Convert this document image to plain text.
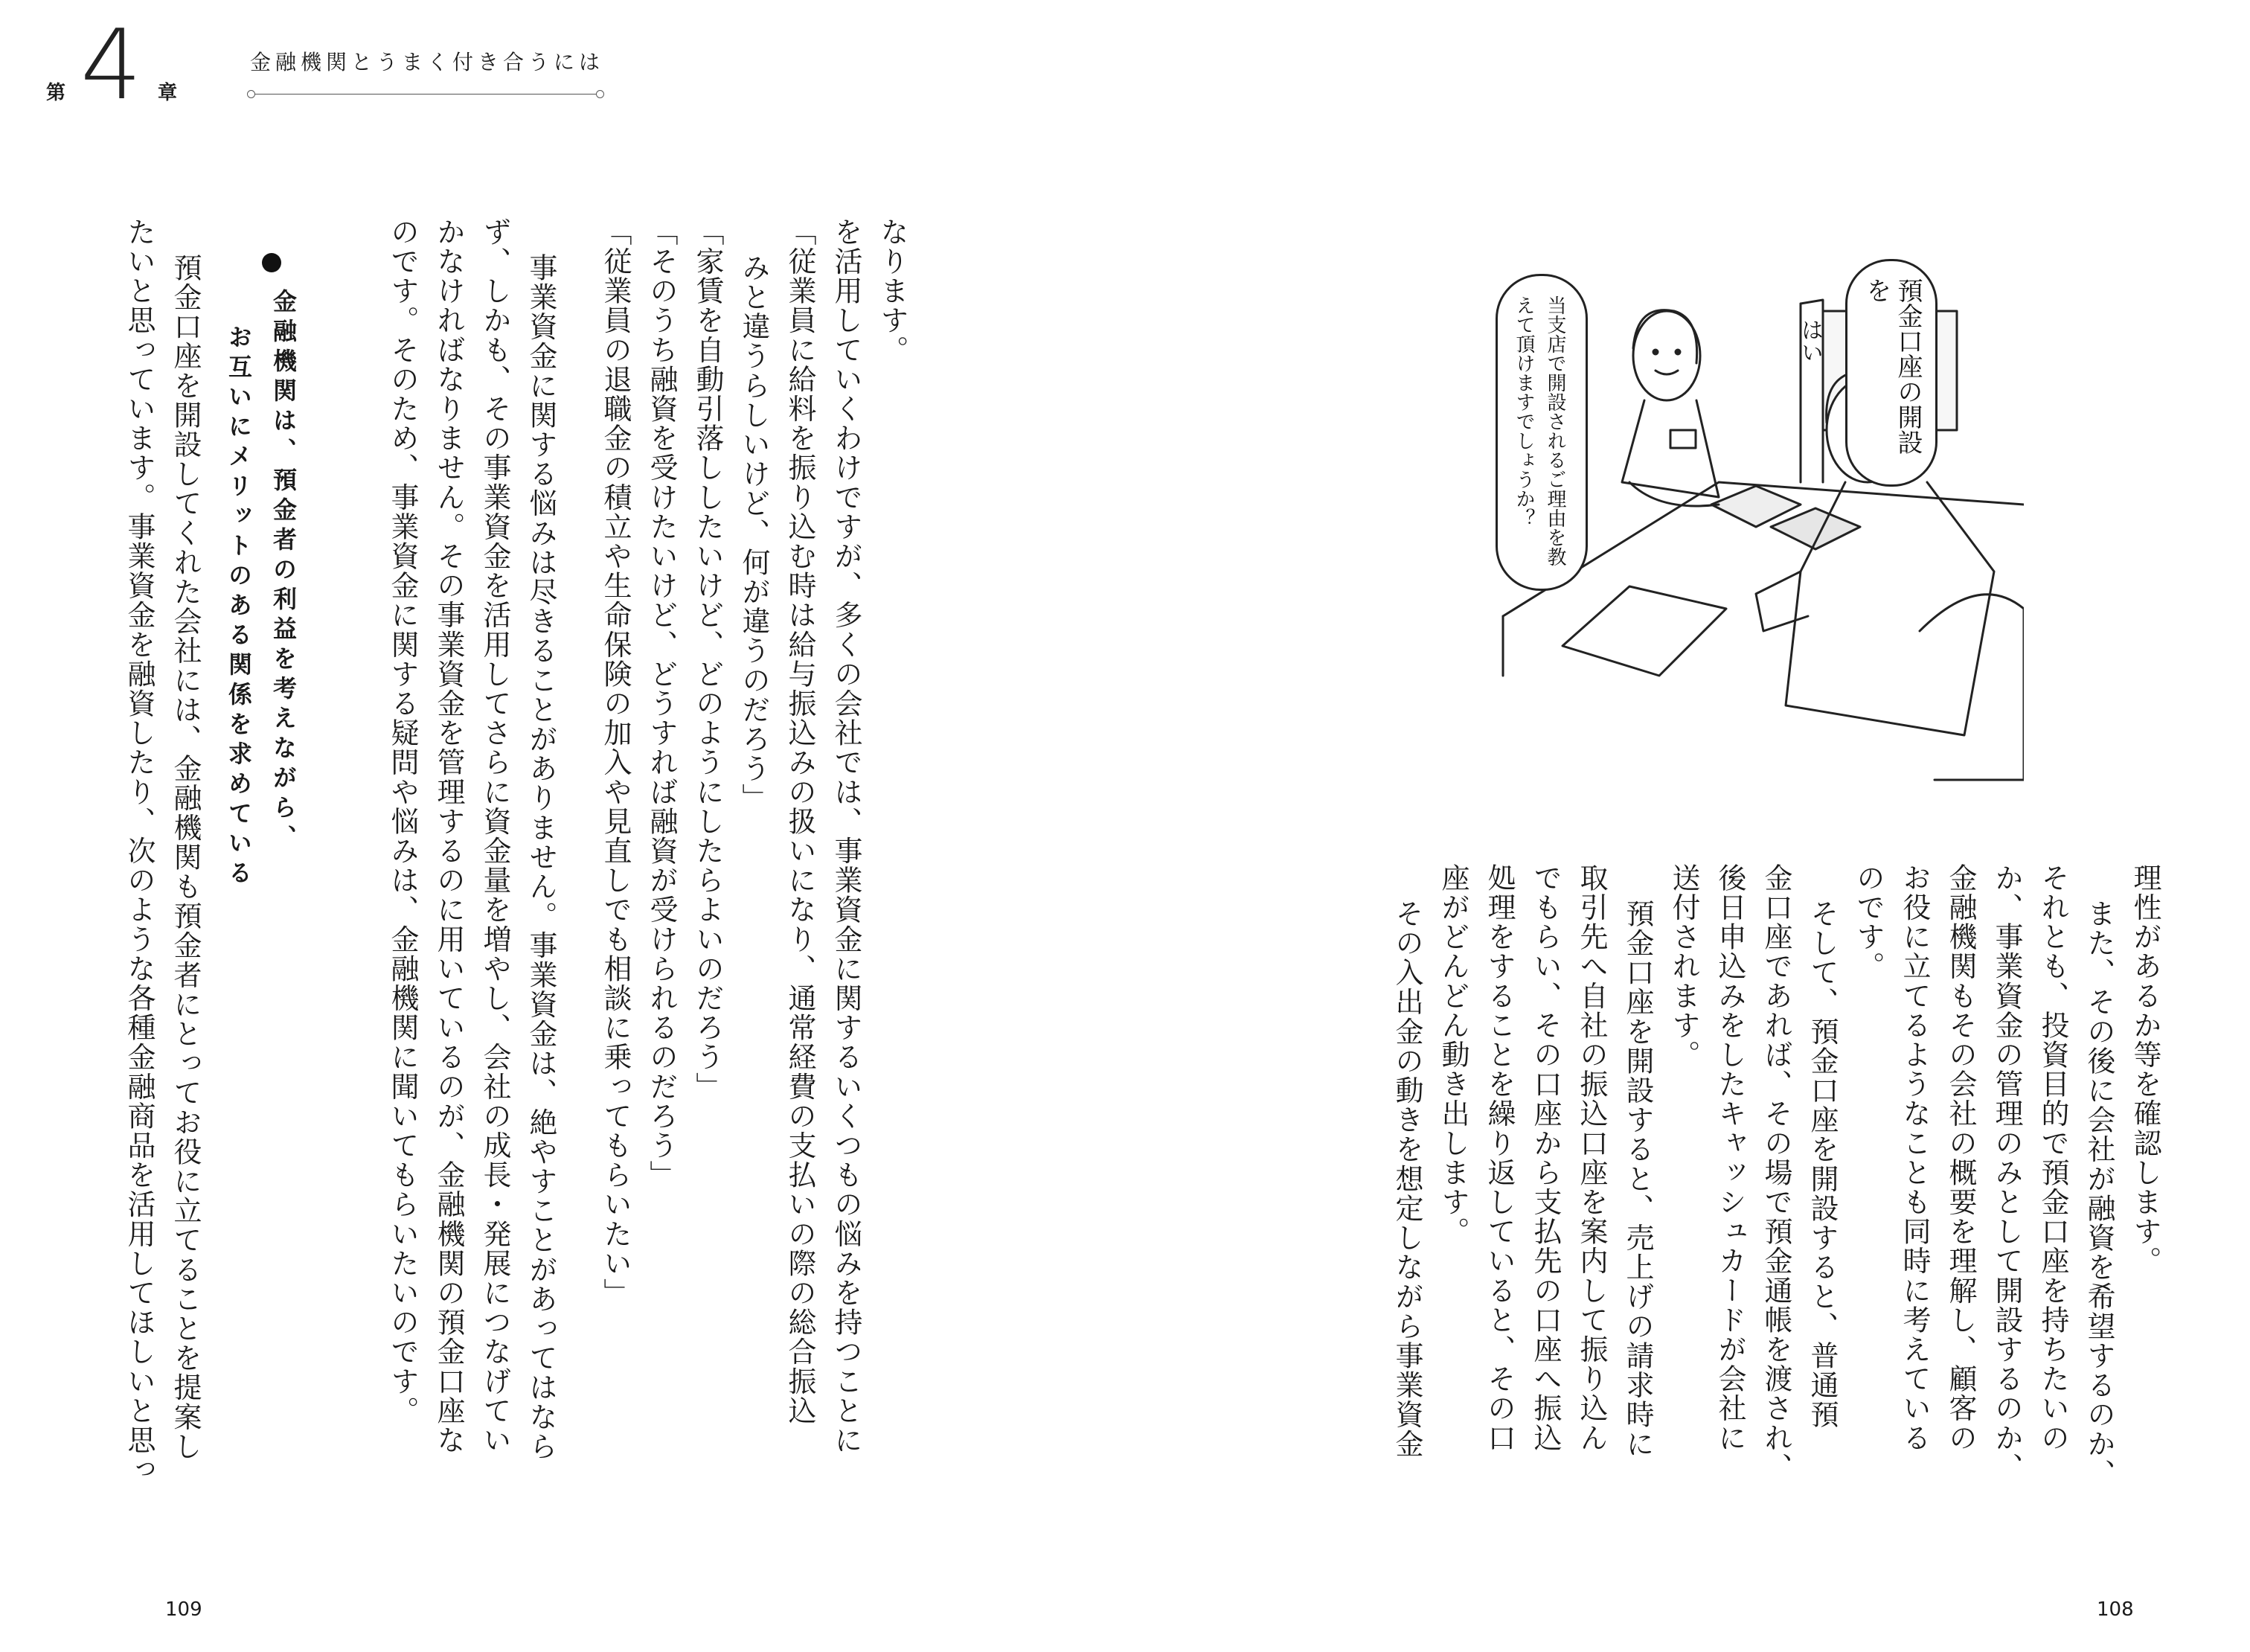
第 4 章
金融機関とうまく付き合うには
なります。
を活用していくわけですが、多くの会社では、事業資金に関するいくつもの悩みを持つことに
「従業員に給料を振り込む時は給与振込みの扱いになり、通常経費の支払いの際の総合振込
みと違うらしいけど、何が違うのだろう」
「家賃を自動引落ししたいけど、どのようにしたらよいのだろう」
「そのうち融資を受けたいけど、どうすれば融資が受けられるのだろう」
「従業員の退職金の積立や生命保険の加入や見直しでも相談に乗ってもらいたい」
事業資金に関する悩みは尽きることがありません。事業資金は、絶やすことがあってはなら
ず、しかも、その事業資金を活用してさらに資金量を増やし、会社の成長・発展につなげてい
かなければなりません。その事業資金を管理するのに用いているのが、金融機関の預金口座な
のです。そのため、事業資金に関する疑問や悩みは、金融機関に聞いてもらいたいのです。
金融機関は、預金者の利益を考えながら、
お互いにメリットのある関係を求めている
預金口座を開設してくれた会社には、金融機関も預金者にとってお役に立てることを提案し
たいと思っています。事業資金を融資したり、次のような各種金融商品を活用してほしいと思っ
109
預金口座の開設を
はい
当支店で開設されるご理由を教えて頂けますでしょうか？
理性があるか等を確認します。
また、その後に会社が融資を希望するのか、
それとも、投資目的で預金口座を持ちたいの
か、事業資金の管理のみとして開設するのか、
金融機関もその会社の概要を理解し、顧客の
お役に立てるようなことも同時に考えている
のです。
そして、預金口座を開設すると、普通預
金口座であれば、その場で預金通帳を渡され、
後日申込みをしたキャッシュカードが会社に
送付されます。
預金口座を開設すると、売上げの請求時に
取引先へ自社の振込口座を案内して振り込ん
でもらい、その口座から支払先の口座へ振込
処理をすることを繰り返していると、その口
座がどんどん動き出します。
その入出金の動きを想定しながら事業資金
108
